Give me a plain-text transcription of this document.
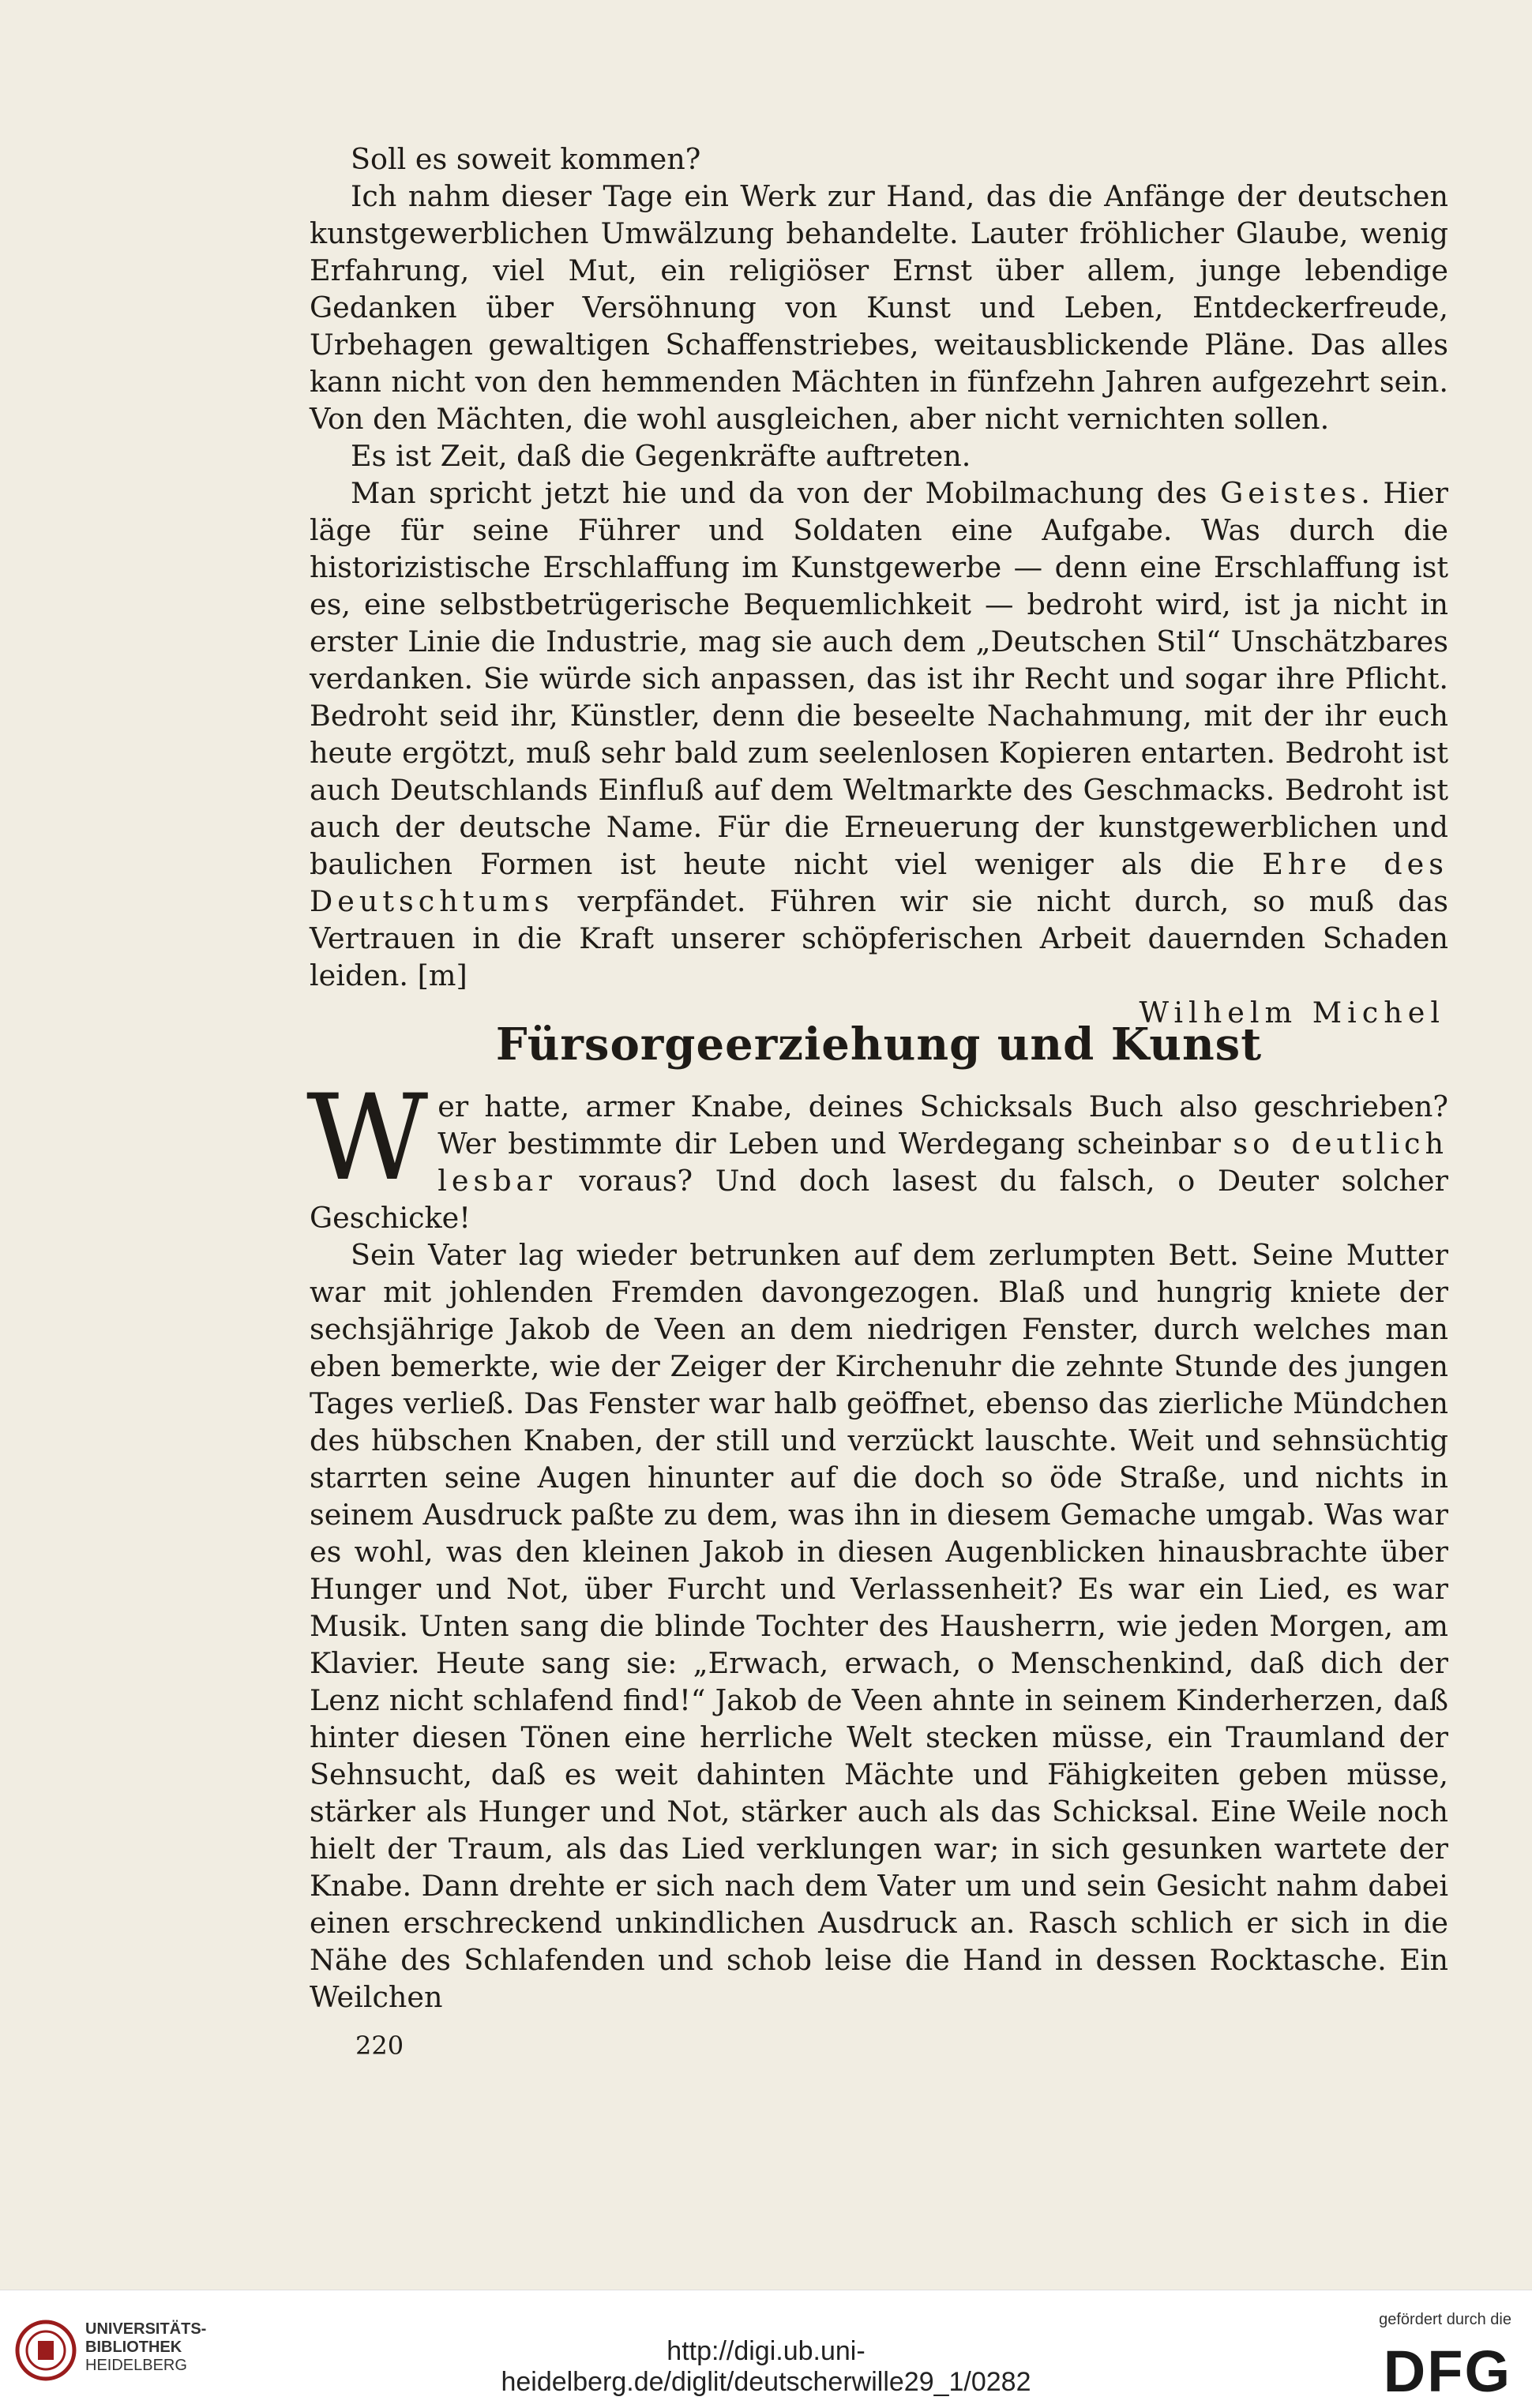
Soll es soweit kommen?

Ich nahm dieser Tage ein Werk zur Hand, das die Anfänge der deutschen kunstgewerblichen Umwälzung behandelte. Lauter fröhlicher Glaube, wenig Erfahrung, viel Mut, ein religiöser Ernst über allem, junge lebendige Gedanken über Versöhnung von Kunst und Leben, Entdeckerfreude, Urbehagen gewaltigen Schaffenstriebes, weitausblickende Pläne. Das alles kann nicht von den hemmenden Mächten in fünfzehn Jahren aufgezehrt sein. Von den Mächten, die wohl ausgleichen, aber nicht vernichten sollen.

Es ist Zeit, daß die Gegenkräfte auftreten.

Man spricht jetzt hie und da von der Mobilmachung des Geistes. Hier läge für seine Führer und Soldaten eine Aufgabe. Was durch die historizistische Erschlaffung im Kunstgewerbe — denn eine Erschlaffung ist es, eine selbstbetrügerische Bequemlichkeit — bedroht wird, ist ja nicht in erster Linie die Industrie, mag sie auch dem „Deutschen Stil“ Unschätzbares verdanken. Sie würde sich anpassen, das ist ihr Recht und sogar ihre Pflicht. Bedroht seid ihr, Künstler, denn die beseelte Nachahmung, mit der ihr euch heute ergötzt, muß sehr bald zum seelenlosen Kopieren entarten. Bedroht ist auch Deutschlands Einfluß auf dem Weltmarkte des Geschmacks. Bedroht ist auch der deutsche Name. Für die Erneuerung der kunstgewerblichen und baulichen Formen ist heute nicht viel weniger als die Ehre des Deutschtums verpfändet. Führen wir sie nicht durch, so muß das Vertrauen in die Kraft unserer schöpferischen Arbeit dauernden Schaden leiden. [m]

Wilhelm Michel

Fürsorgeerziehung und Kunst

Wer hatte, armer Knabe, deines Schicksals Buch also geschrieben? Wer bestimmte dir Leben und Werdegang scheinbar so deutlich lesbar voraus? Und doch lasest du falsch, o Deuter solcher Geschicke!

Sein Vater lag wieder betrunken auf dem zerlumpten Bett. Seine Mutter war mit johlenden Fremden davongezogen. Blaß und hungrig kniete der sechsjährige Jakob de Veen an dem niedrigen Fenster, durch welches man eben bemerkte, wie der Zeiger der Kirchenuhr die zehnte Stunde des jungen Tages verließ. Das Fenster war halb geöffnet, ebenso das zierliche Mündchen des hübschen Knaben, der still und verzückt lauschte. Weit und sehnsüchtig starrten seine Augen hinunter auf die doch so öde Straße, und nichts in seinem Ausdruck paßte zu dem, was ihn in diesem Gemache umgab. Was war es wohl, was den kleinen Jakob in diesen Augenblicken hinausbrachte über Hunger und Not, über Furcht und Verlassenheit? Es war ein Lied, es war Musik. Unten sang die blinde Tochter des Hausherrn, wie jeden Morgen, am Klavier. Heute sang sie: „Erwach, erwach, o Menschenkind, daß dich der Lenz nicht schlafend find!“ Jakob de Veen ahnte in seinem Kinderherzen, daß hinter diesen Tönen eine herrliche Welt stecken müsse, ein Traumland der Sehnsucht, daß es weit dahinten Mächte und Fähigkeiten geben müsse, stärker als Hunger und Not, stärker auch als das Schicksal. Eine Weile noch hielt der Traum, als das Lied verklungen war; in sich gesunken wartete der Knabe. Dann drehte er sich nach dem Vater um und sein Gesicht nahm dabei einen erschreckend unkindlichen Ausdruck an. Rasch schlich er sich in die Nähe des Schlafenden und schob leise die Hand in dessen Rocktasche. Ein Weilchen

220
UNIVERSITÄTS-
BIBLIOTHEK
HEIDELBERG	http://digi.ub.uni-heidelberg.de/diglit/deutscherwille29_1/0282
gefördert durch die
DFG
